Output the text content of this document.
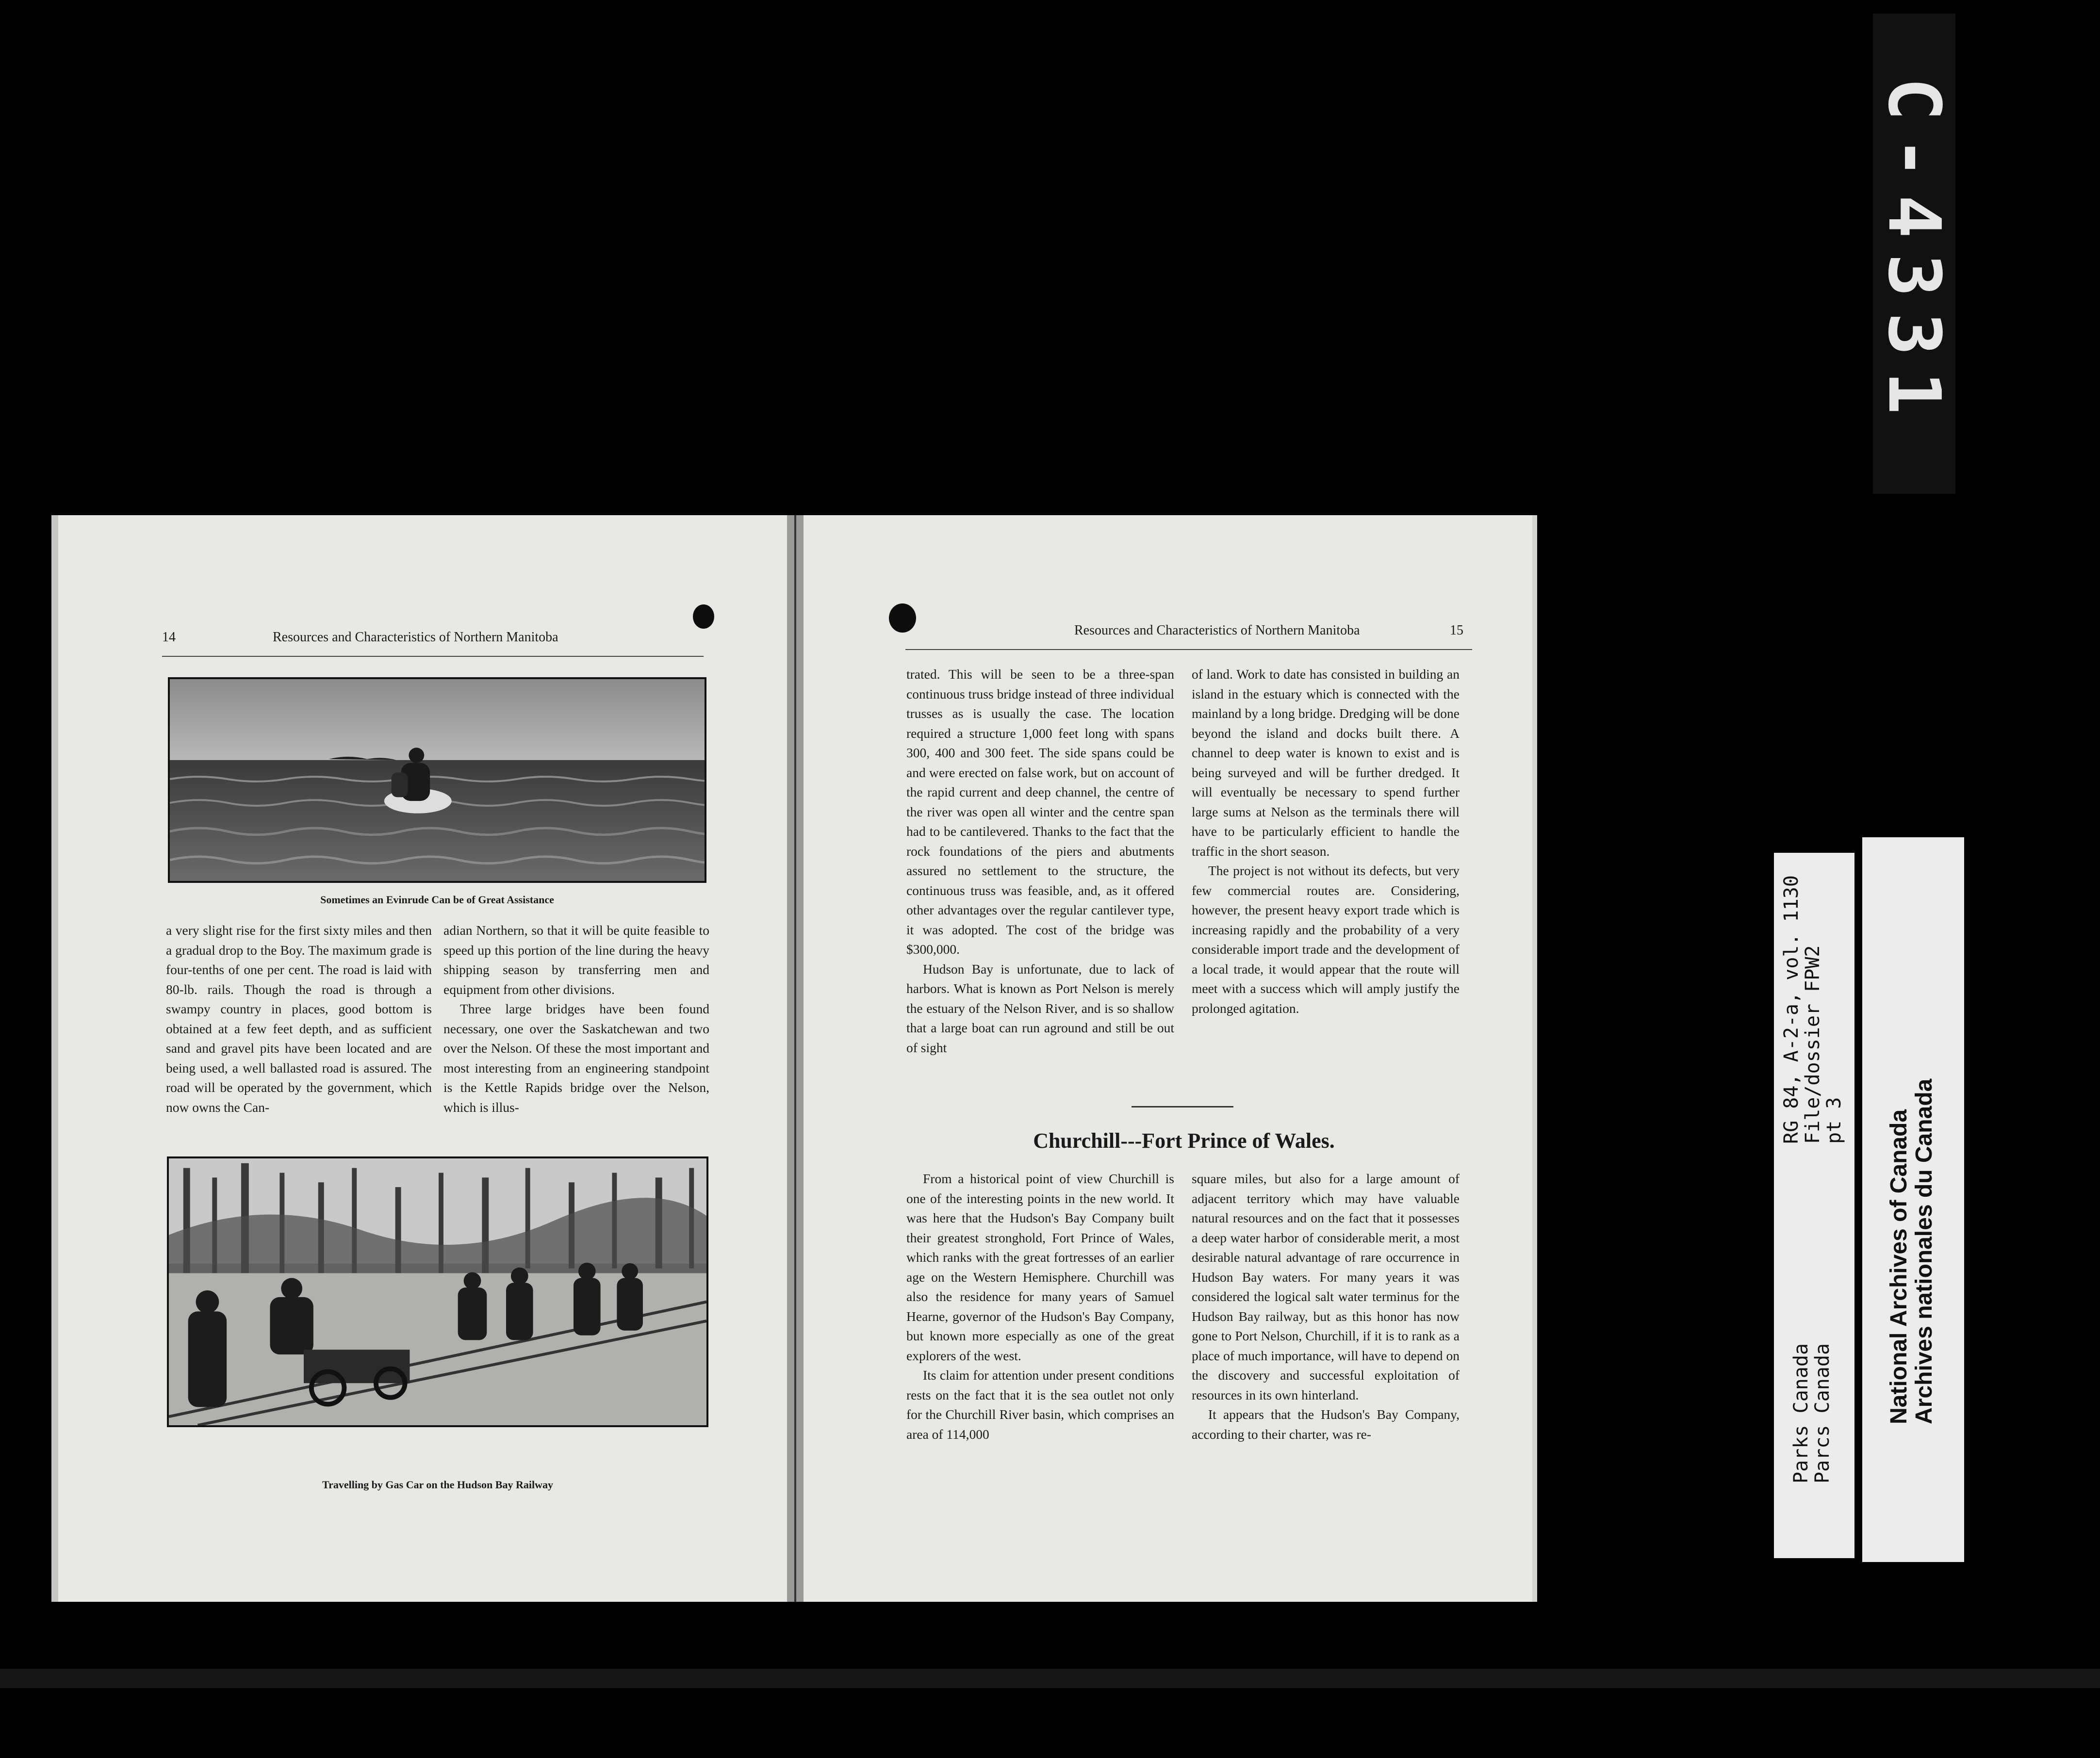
C-4331
14	Resources and Characteristics of Northern Manitoba
Sometimes an Evinrude Can be of Great Assistance

a very slight rise for the first sixty miles and then a gradual drop to the Boy. The maximum grade is four-tenths of one per cent. The road is laid with 80-lb. rails. Though the road is through a swampy country in places, good bottom is obtained at a few feet depth, and as sufficient sand and gravel pits have been located and are being used, a well ballasted road is assured. The road will be operated by the government, which now owns the Can-

adian Northern, so that it will be quite feasible to speed up this portion of the line during the heavy shipping season by transferring men and equipment from other divisions.

Three large bridges have been found necessary, one over the Saskatchewan and two over the Nelson. Of these the most important and most interesting from an engineering standpoint is the Kettle Rapids bridge over the Nelson, which is illus-

Travelling by Gas Car on the Hudson Bay Railway
Resources and Characteristics of Northern Manitoba	15

trated. This will be seen to be a three-span continuous truss bridge instead of three individual trusses as is usually the case. The location required a structure 1,000 feet long with spans 300, 400 and 300 feet. The side spans could be and were erected on false work, but on account of the rapid current and deep channel, the centre of the river was open all winter and the centre span had to be cantilevered. Thanks to the fact that the rock foundations of the piers and abutments assured no settlement to the structure, the continuous truss was feasible, and, as it offered other advantages over the regular cantilever type, it was adopted. The cost of the bridge was $300,000.

Hudson Bay is unfortunate, due to lack of harbors. What is known as Port Nelson is merely the estuary of the Nelson River, and is so shallow that a large boat can run aground and still be out of sight

of land. Work to date has consisted in building an island in the estuary which is connected with the mainland by a long bridge. Dredging will be done beyond the island and docks built there. A channel to deep water is known to exist and is being surveyed and will be further dredged. It will eventually be necessary to spend further large sums at Nelson as the terminals there will have to be particularly efficient to handle the traffic in the short season.

The project is not without its defects, but very few commercial routes are. Considering, however, the present heavy export trade which is increasing rapidly and the probability of a very considerable import trade and the development of a local trade, it would appear that the route will meet with a success which will amply justify the prolonged agitation.

Churchill---Fort Prince of Wales.

From a historical point of view Churchill is one of the interesting points in the new world. It was here that the Hudson's Bay Company built their greatest stronghold, Fort Prince of Wales, which ranks with the great fortresses of an earlier age on the Western Hemisphere. Churchill was also the residence for many years of Samuel Hearne, governor of the Hudson's Bay Company, but known more especially as one of the great explorers of the west.

Its claim for attention under present conditions rests on the fact that it is the sea outlet not only for the Churchill River basin, which comprises an area of 114,000

square miles, but also for a large amount of adjacent territory which may have valuable natural resources and on the fact that it possesses a deep water harbor of considerable merit, a most desirable natural advantage of rare occurrence in Hudson Bay waters. For many years it was considered the logical salt water terminus for the Hudson Bay railway, but as this honor has now gone to Port Nelson, Churchill, if it is to rank as a place of much importance, will have to depend on the discovery and successful exploitation of resources in its own hinterland.

It appears that the Hudson's Bay Company, according to their charter, was re-

RG 84, A-2-a, vol. 1130
File/dossier FPW2
pt 3
Parks Canada
Parcs Canada National Archives of Canada Archives nationales du Canada
